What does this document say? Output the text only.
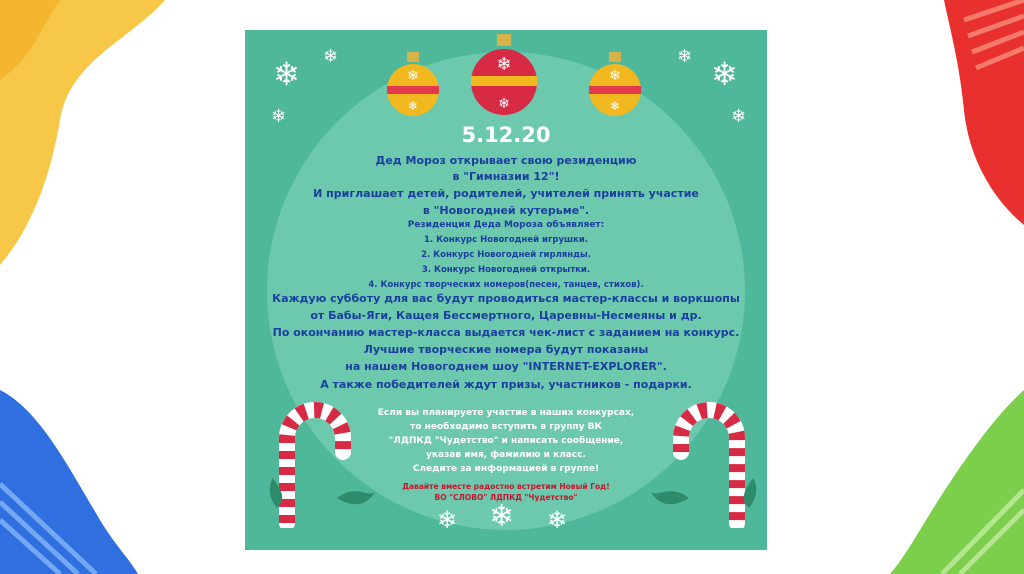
❄ ❄
❄
❄ ❄
❄
❄ ❄ ❄
❄
❄
❄
❄
❄
❄
5.12.20
Дед Мороз открывает свою резиденцию
в "Гимназии 12"!
И приглашает детей, родителей, учителей принять участие
в "Новогодней кутерьме".
Резиденция Деда Мороза объявляет:
1. Конкурс Новогодней игрушки.
2. Конкурс Новогодней гирлянды.
3. Конкурс Новогодней открытки.
4. Конкурс творческих номеров(песен, танцев, стихов).
Каждую субботу для вас будут проводиться мастер-классы и воркшопы
от Бабы-Яги, Кащея Бессмертного, Царевны-Несмеяны и др.
По окончанию мастер-класса выдается чек-лист с заданием на конкурс.
Лучшие творческие номера будут показаны
на нашем Новогоднем шоу "INTERNET-EXPLORER".
А также победителей ждут призы, участников - подарки.
Если вы планируете участие в наших конкурсах,
то необходимо вступить в группу ВК
"ЛДПКД "Чудетство" и написать сообщение,
указав имя, фамилию и класс.
Следите за информацией в группе!
Давайте вместе радостно встретим Новый Год!
ВО "СЛОВО" ЛДПКД "Чудетство"
